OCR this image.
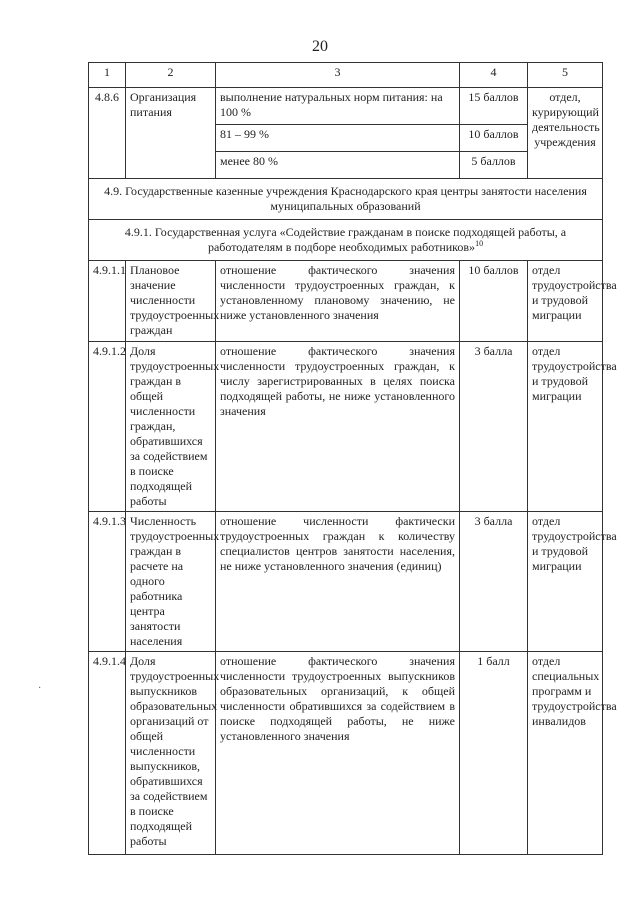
20
1	2	3	4	5
4.8.6	Организация питания	выполнение натуральных норм питания: на 100 %	15 баллов	отдел, курирующий деятельность учреждения
		81 – 99 %	10 баллов	
		менее 80 %	5 баллов	
4.9. Государственные казенные учреждения Краснодарского края центры занятости населения муниципальных образований				
4.9.1. Государственная услуга «Содействие гражданам в поиске подходящей работы, а работодателям в подборе необходимых работников»$^{10}$
4.9.1.1	Плановое значение численности трудоустроенных граждан	отношение фактического значения численности трудоустроенных граждан, к установленному плановому значению, не ниже установленного значения	10 баллов	отдел трудоустройства и трудовой миграции
4.9.1.2	Доля трудоустроенных граждан в общей численности граждан, обратившихся за содействием в поиске подходящей работы	отношение фактического значения численности трудоустроенных граждан, к числу зарегистрированных в целях поиска подходящей работы, не ниже установленного значения	3 балла	отдел трудоустройства и трудовой миграции
4.9.1.3	Численность трудоустроенных граждан в расчете на одного работника центра занятости населения	отношение численности фактически трудоустроенных граждан к количеству специалистов центров занятости населения, не ниже установленного значения (единиц)	3 балла	отдел трудоустройства и трудовой миграции
4.9.1.4	Доля трудоустроенных выпускников образовательных организаций от общей численности выпускников, обратившихся за содействием в поиске подходящей работы	отношение фактического значения численности трудоустроенных выпускников образовательных организаций, к общей численности обратившихся за содействием в поиске подходящей работы, не ниже установленного значения	1 балл	отдел специальных программ и трудоустройства инвалидов
·
